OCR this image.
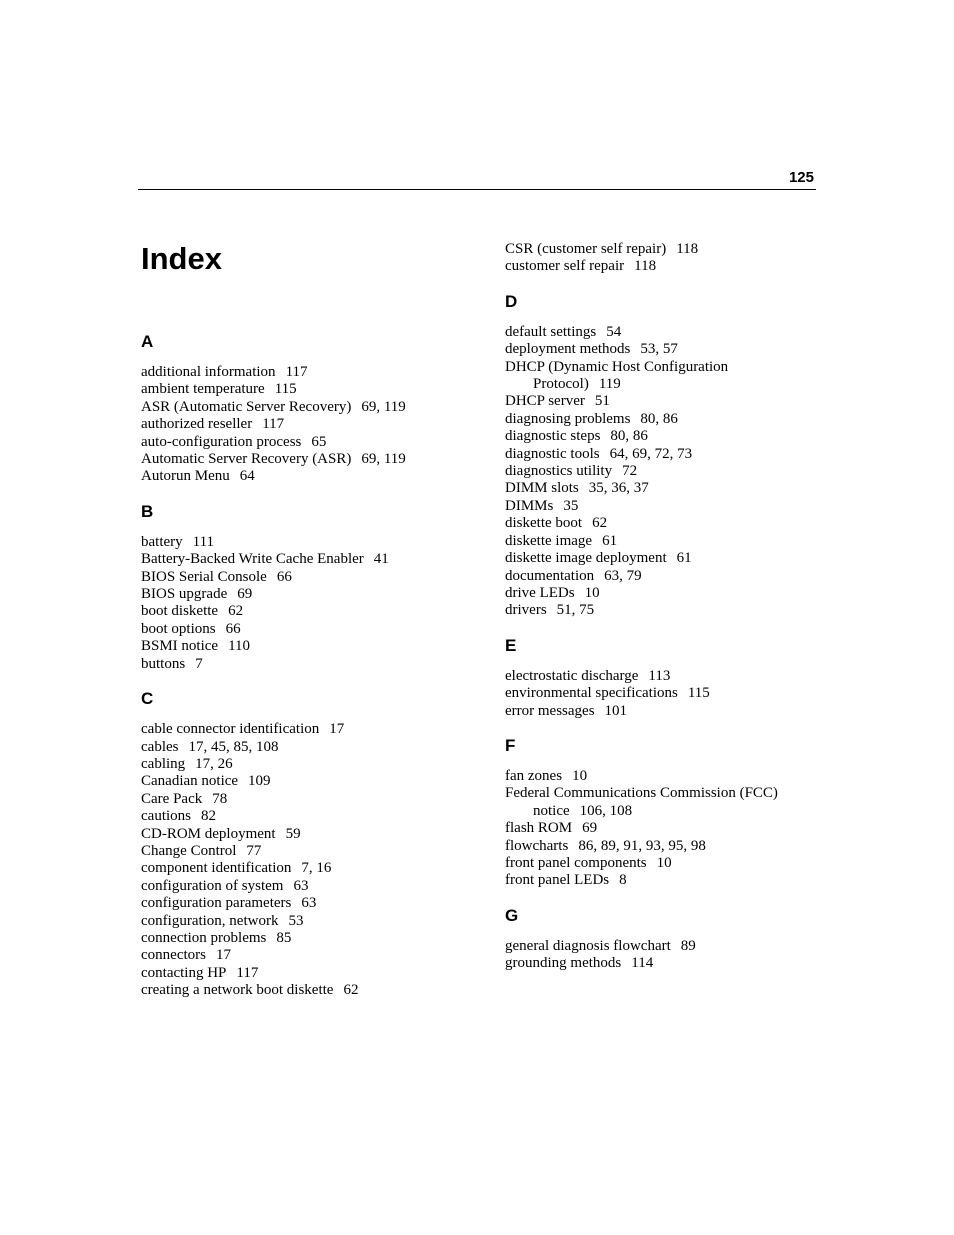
125
Index
A
additional information 117
ambient temperature 115
ASR (Automatic Server Recovery) 69, 119
authorized reseller 117
auto-configuration process 65
Automatic Server Recovery (ASR) 69, 119
Autorun Menu 64
B
battery 111
Battery-Backed Write Cache Enabler 41
BIOS Serial Console 66
BIOS upgrade 69
boot diskette 62
boot options 66
BSMI notice 110
buttons 7
C
cable connector identification 17
cables 17, 45, 85, 108
cabling 17, 26
Canadian notice 109
Care Pack 78
cautions 82
CD-ROM deployment 59
Change Control 77
component identification 7, 16
configuration of system 63
configuration parameters 63
configuration, network 53
connection problems 85
connectors 17
contacting HP 117
creating a network boot diskette 62
CSR (customer self repair) 118
customer self repair 118
D
default settings 54
deployment methods 53, 57
DHCP (Dynamic Host Configuration
Protocol) 119
DHCP server 51
diagnosing problems 80, 86
diagnostic steps 80, 86
diagnostic tools 64, 69, 72, 73
diagnostics utility 72
DIMM slots 35, 36, 37
DIMMs 35
diskette boot 62
diskette image 61
diskette image deployment 61
documentation 63, 79
drive LEDs 10
drivers 51, 75
E
electrostatic discharge 113
environmental specifications 115
error messages 101
F
fan zones 10
Federal Communications Commission (FCC)
notice 106, 108
flash ROM 69
flowcharts 86, 89, 91, 93, 95, 98
front panel components 10
front panel LEDs 8
G
general diagnosis flowchart 89
grounding methods 114
